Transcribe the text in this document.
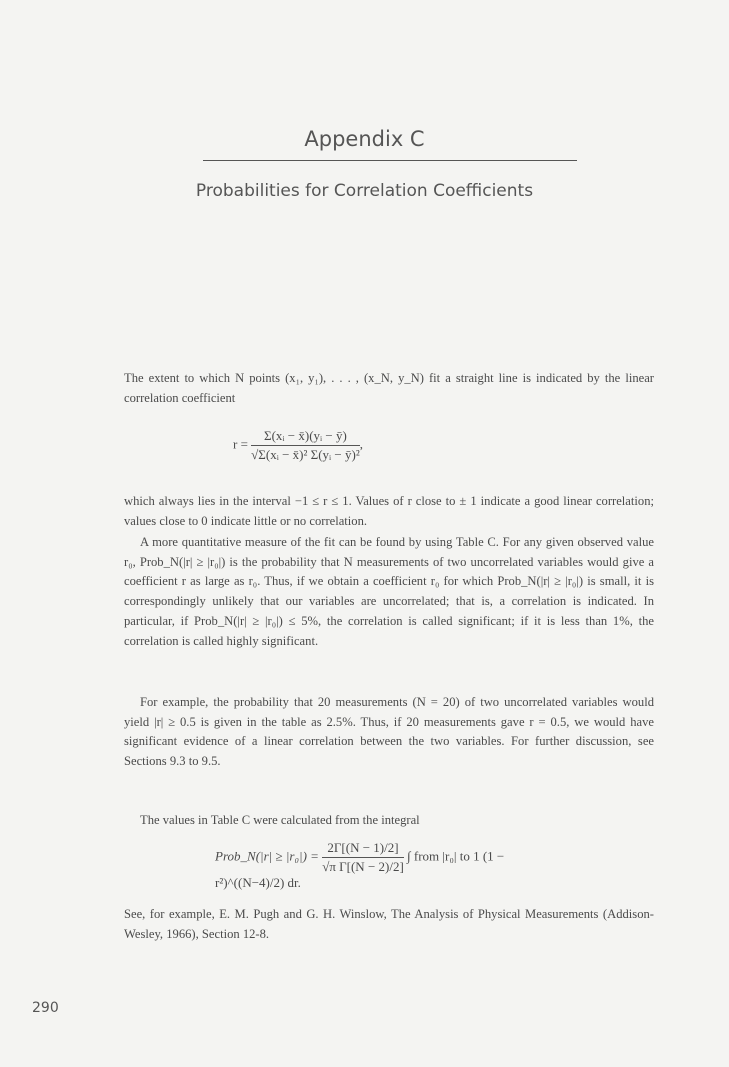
Appendix C
Probabilities for Correlation Coefficients

The extent to which N points (x₁, y₁), . . . , (x_N, y_N) fit a straight line is indicated by the linear correlation coefficient

$r = \frac{\text{Σ(xᵢ − x̄)(yᵢ − ȳ)}}{\text{√Σ(xᵢ − x̄)² Σ(yᵢ − ȳ)²}}$ ,

which always lies in the interval −1 ≤ r ≤ 1. Values of r close to ± 1 indicate a good linear correlation; values close to 0 indicate little or no correlation.

A more quantitative measure of the fit can be found by using Table C. For any given observed value r₀, Prob_N(|r| ≥ |r₀|) is the probability that N measurements of two uncorrelated variables would give a coefficient r as large as r₀. Thus, if we obtain a coefficient r₀ for which Prob_N(|r| ≥ |r₀|) is small, it is correspondingly unlikely that our variables are uncorrelated; that is, a correlation is indicated. In particular, if Prob_N(|r| ≥ |r₀|) ≤ 5%, the correlation is called significant; if it is less than 1%, the correlation is called highly significant.

For example, the probability that 20 measurements (N = 20) of two uncorrelated variables would yield |r| ≥ 0.5 is given in the table as 2.5%. Thus, if 20 measurements gave r = 0.5, we would have significant evidence of a linear correlation between the two variables. For further discussion, see Sections 9.3 to 9.5.

The values in Table C were calculated from the integral

Prob_N(|r| ≥ $|r_0|) = \frac{2\Gamma[(N - 1)/2]}{\text{√π Γ[(N − 2)/2]}}$ ∫ from |r₀| to 1 (1 − r²)^((N−4)/2) dr.

See, for example, E. M. Pugh and G. H. Winslow, The Analysis of Physical Measurements (Addison-Wesley, 1966), Section 12-8.

290
